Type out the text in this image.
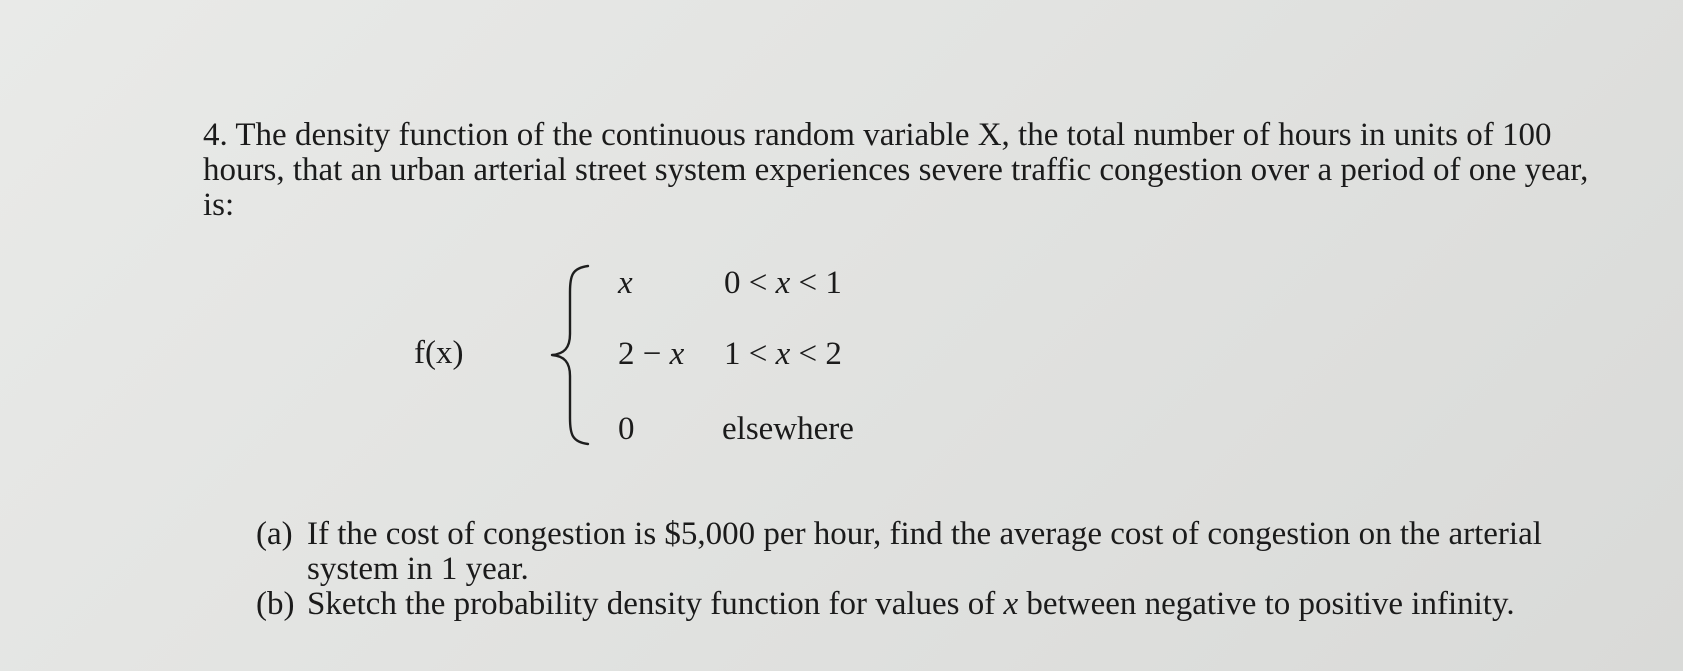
4. The density function of the continuous random variable X, the total number of hours in units of 100
hours, that an urban arterial street system experiences severe traffic congestion over a period of one year,
is:

f(x)
x	0 < x < 1
2 − x 1 < x < 2
0	elsewhere
(a) If the cost of congestion is $5,000 per hour, find the average cost of congestion on the arterial
system in 1 year.
(b) Sketch the probability density function for values of x between negative to positive infinity.
